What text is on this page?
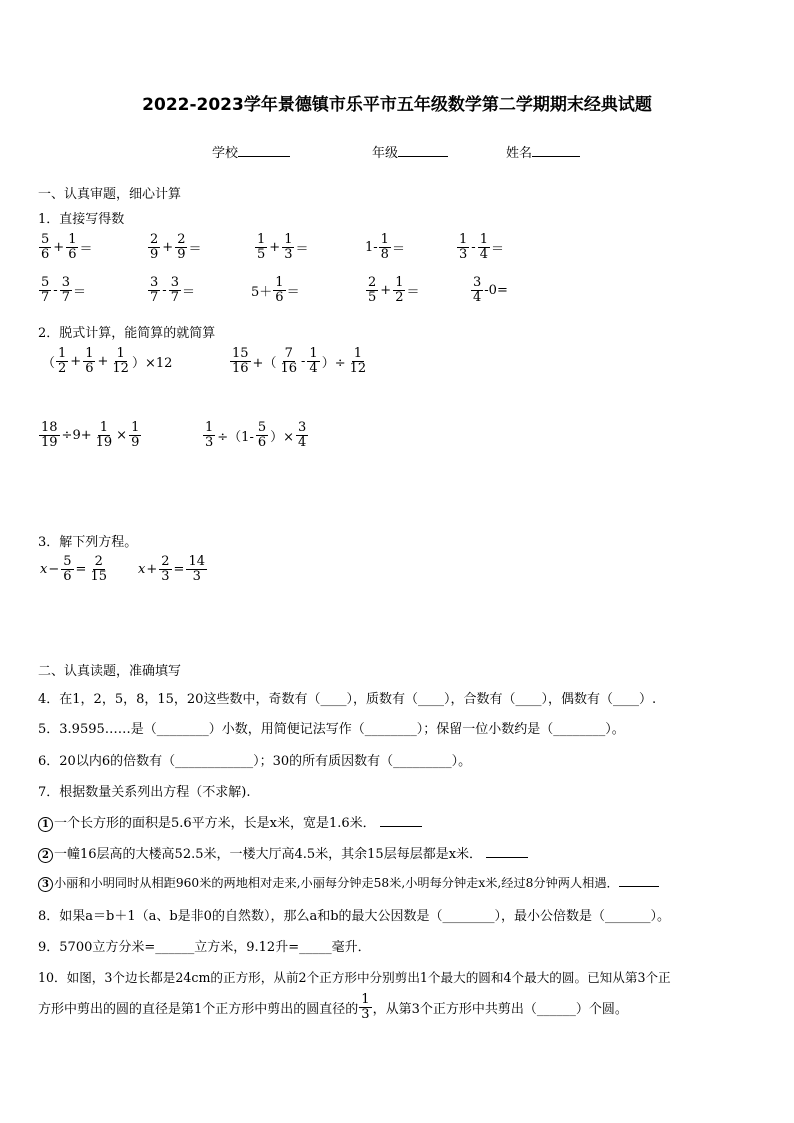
2022-2023学年景德镇市乐平市五年级数学第二学期期末经典试题
学校	年级	姓名
一、认真审题，细心计算
1．直接写得数
$\frac{5}{6} + \frac{1}{6}$ ＝	$\frac{2}{9} + \frac{2}{9}$ ＝	$\frac{1}{5} + \frac{1}{3}$ ＝	$1- \frac{1}{8}$ ＝	$\frac{1}{3} - \frac{1}{4}$ ＝
$\frac{5}{7} - \frac{3}{7}$ ＝	$\frac{3}{7} - \frac{3}{7}$ ＝	$5+ \frac{1}{6}$ ＝	$\frac{2}{5} + \frac{1}{2}$ ＝	$\frac{3}{4} -0=$
2．脱式计算，能简算的就简算
（ $\frac{1}{2} + \frac{1}{6} + \frac{1}{12} )\times 12$	$\frac{15}{16}$ +（ $\frac{7}{16} - \frac{1}{4}$ ）÷ $\frac{1}{12}$
$\frac{18}{19} \div 9+ \frac{1}{19} \times \frac{1}{9}$	$\frac{1}{3} \div(1- \frac{5}{6}$ ）× $\frac{3}{4}$
3．解下列方程。
$x - \frac{5}{6} = \frac{2}{15}$ $x + \frac{2}{3} = \frac{14}{3}$
二、认真读题，准确填写
4．在1，2，5，8，15，20这些数中，奇数有（____），质数有（____），合数有（____），偶数有（____）.
5．3.9595……是（________）小数，用简便记法写作（________）；保留一位小数约是（________）。
6．20以内6的倍数有（____________）；30的所有质因数有（_________）。
7．根据数量关系列出方程（不求解).
1 一个长方形的面积是5.6平方米，长是x米，宽是1.6米．
2 一幢16层高的大楼高52.5米，一楼大厅高4.5米，其余15层每层都是x米．
3 小丽和小明同时从相距960米的两地相对走来,小丽每分钟走58米,小明每分钟走x米,经过8分钟两人相遇．
8．如果a＝b＋1（a、b是非0的自然数），那么a和b的最大公因数是（________），最小公倍数是（_______）。
9．5700立方分米=______立方米，9.12升=_____毫升．
10．如图，3个边长都是24cm的正方形，从前2个正方形中分别剪出1个最大的圆和4个最大的圆。已知从第3个正
方形中剪出的圆的直径是第1个正方形中剪出的圆直径的 $\frac{1}{3}$ ，从第3个正方形中共剪出（______）个圆。
